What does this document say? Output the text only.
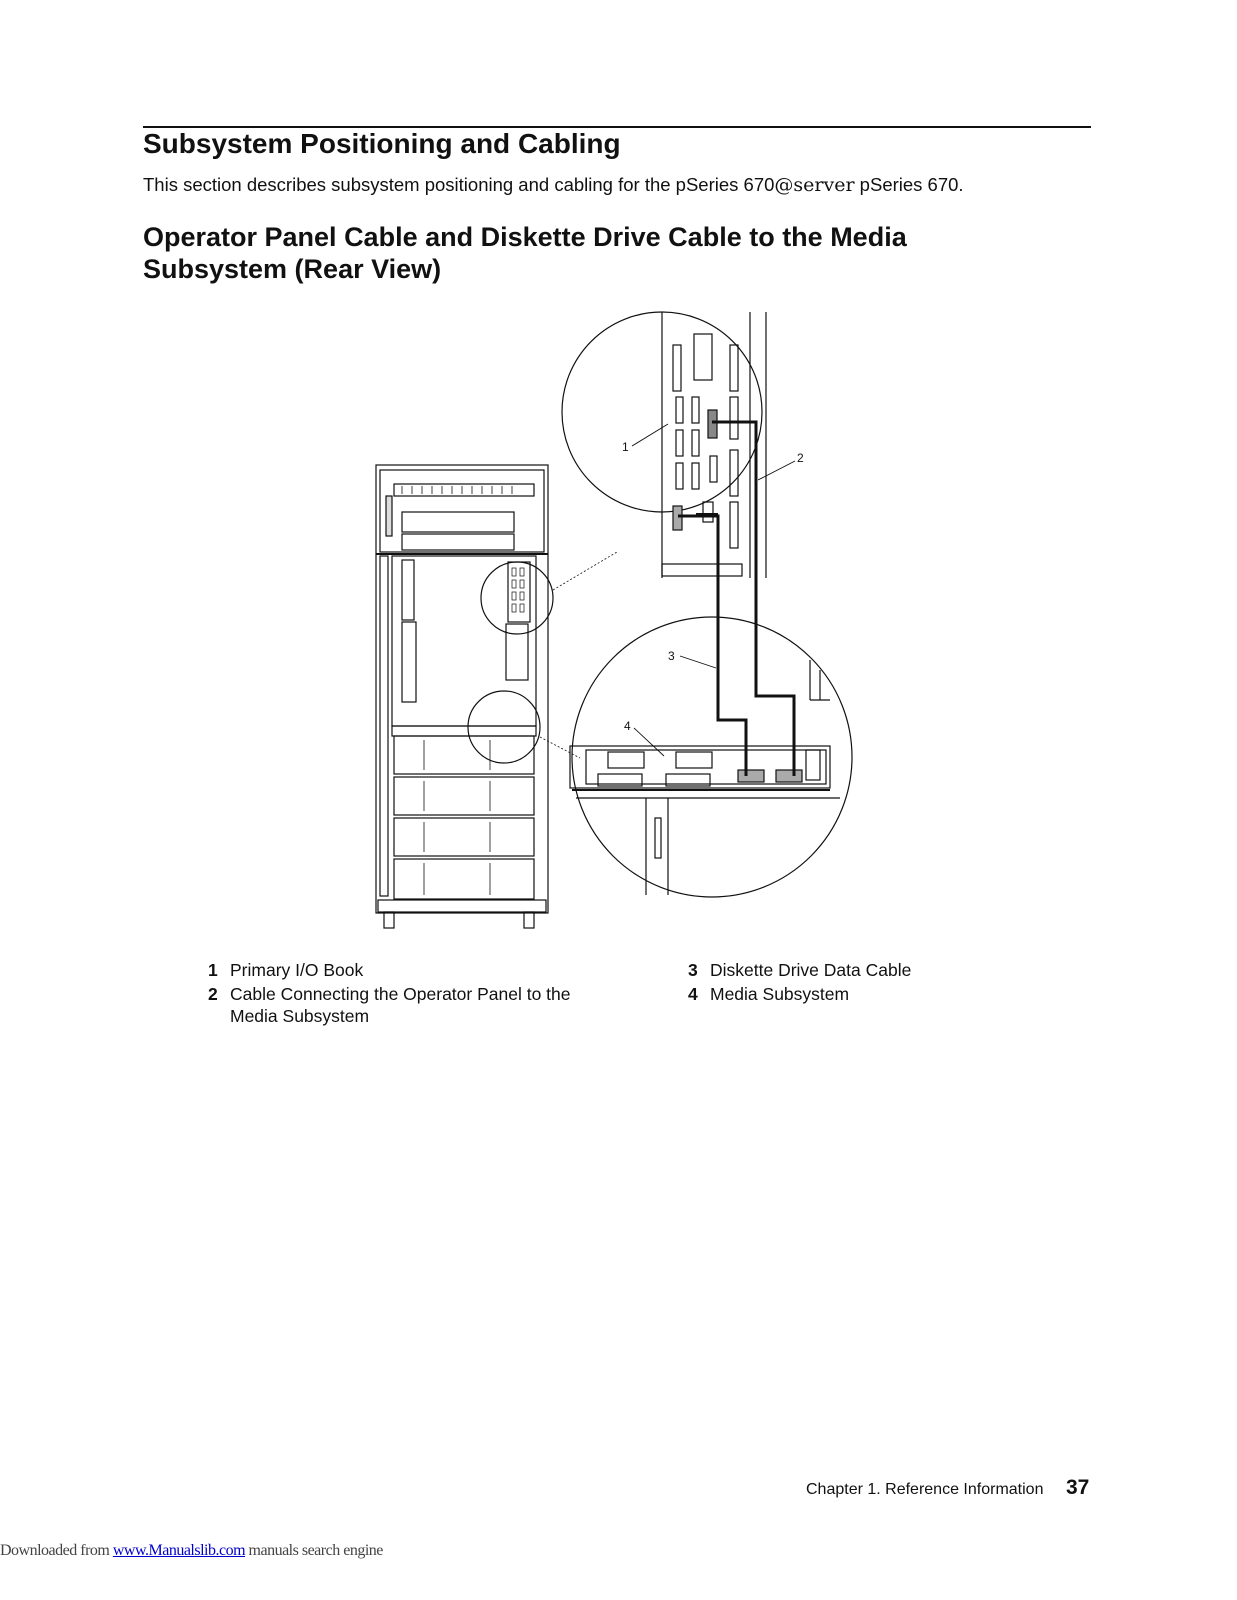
Subsystem Positioning and Cabling
This section describes subsystem positioning and cabling for the pSeries 670@server pSeries 670.
Operator Panel Cable and Diskette Drive Cable to the Media
Subsystem (Rear View)
1
2
3
4
1 Primary I/O Book
2 Cable Connecting the Operator Panel to the Media Subsystem
3 Diskette Drive Data Cable
4 Media Subsystem
Chapter 1. Reference Information 37
Downloaded from www.Manualslib.com manuals search engine
